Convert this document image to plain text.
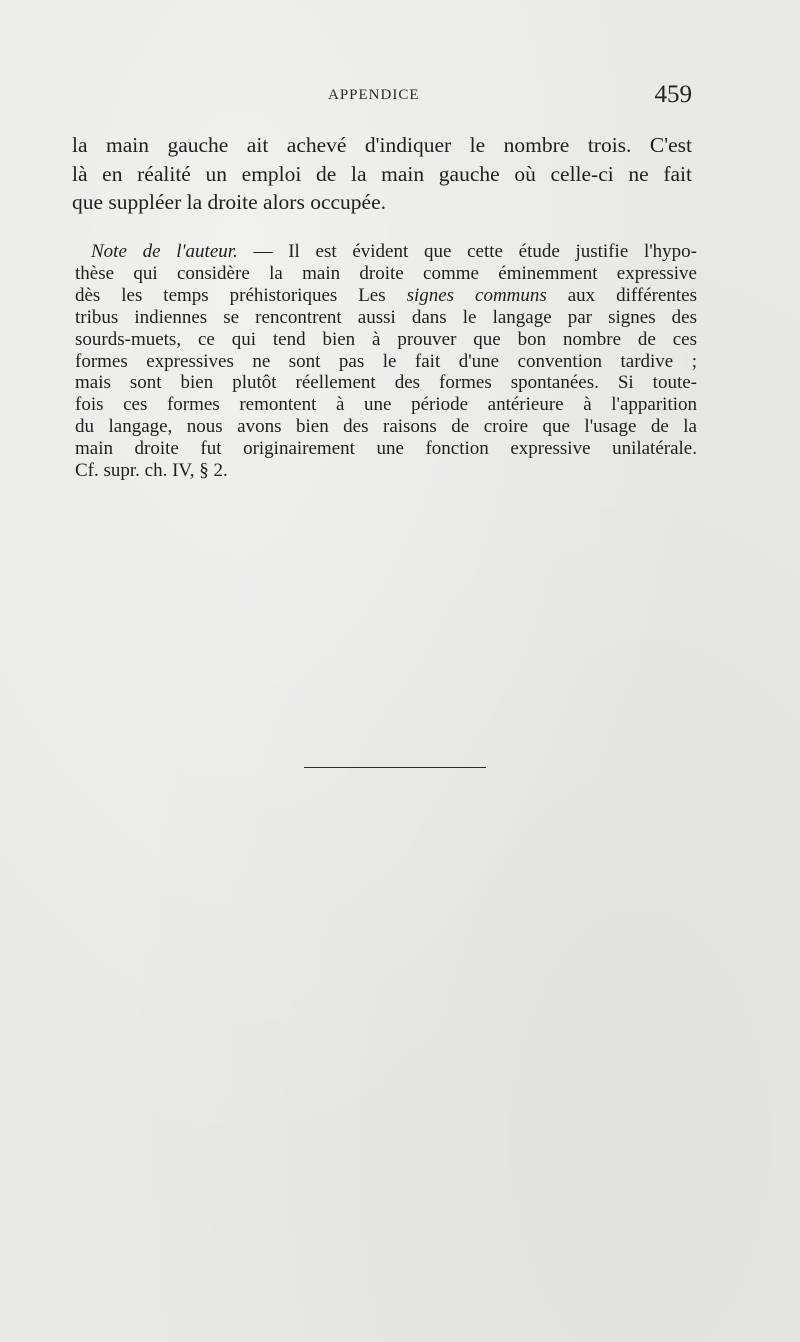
APPENDICE	459
la main gauche ait achevé d'indiquer le nombre trois. C'est
là en réalité un emploi de la main gauche où celle-ci ne fait
que suppléer la droite alors occupée.
Note de l'auteur. — Il est évident que cette étude justifie l'hypo-
thèse qui considère la main droite comme éminemment expressive
dès les temps préhistoriques Les signes communs aux différentes
tribus indiennes se rencontrent aussi dans le langage par signes des
sourds-muets, ce qui tend bien à prouver que bon nombre de ces
formes expressives ne sont pas le fait d'une convention tardive ;
mais sont bien plutôt réellement des formes spontanées. Si toute-
fois ces formes remontent à une période antérieure à l'apparition
du langage, nous avons bien des raisons de croire que l'usage de la
main droite fut originairement une fonction expressive unilatérale.
Cf. supr. ch. IV, § 2.
